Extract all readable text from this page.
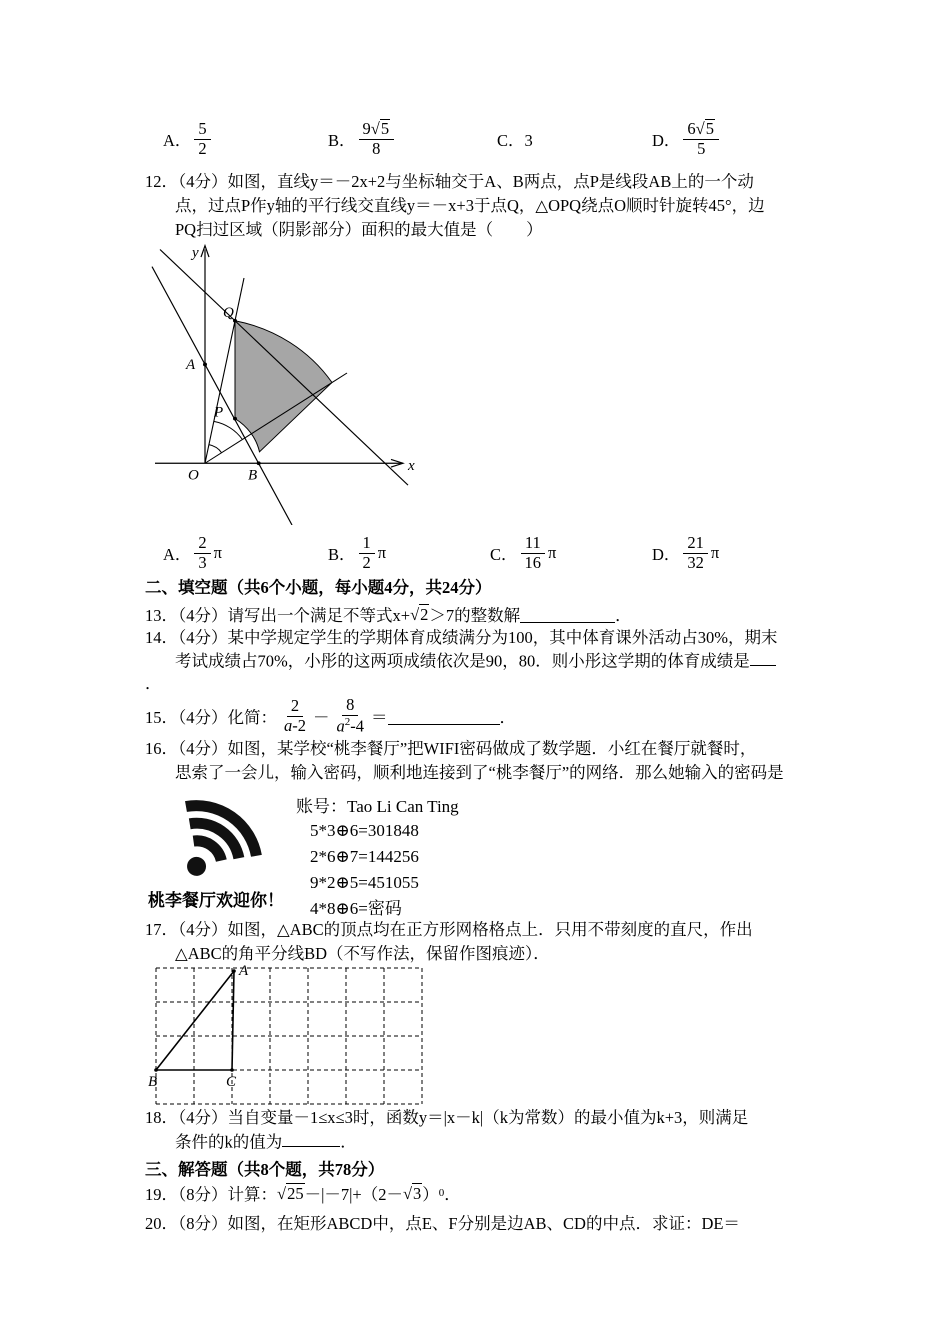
A． $\frac{5}{2}$	B． $\frac{9√5}{8}$	C．3	D． $\frac{6√5}{5}$
12．（4分）如图，直线y＝－2x+2与坐标轴交于A、B两点，点P是线段AB上的一个动
点，过点P作y轴的平行线交直线y＝－x+3于点Q，△OPQ绕点O顺时针旋转45°，边
PQ扫过区域（阴影部分）面积的最大值是（　　）
y
x
O
A
Q
P
B
A． $\frac{2}{3}$ π	B． $\frac{1}{2}$ π	C． $\frac{11}{16}$ π	D． $\frac{21}{32}$ π
二、填空题（共6个小题，每小题4分，共24分）
13．（4分）请写出一个满足不等式x+ √2 ＞7的整数解	．
14．（4分）某中学规定学生的学期体育成绩满分为100，其中体育课外活动占30%，期末
考试成绩占70%，小彤的这两项成绩依次是90，80．则小彤这学期的体育成绩是
．
15．（4分）化简： $\frac{2}{a-2} - \frac{8}{a^2-4}$ ＝	．
16．（4分）如图，某学校“桃李餐厅”把WIFI密码做成了数学题．小红在餐厅就餐时，
思索了一会儿，输入密码，顺利地连接到了“桃李餐厅”的网络．那么她输入的密码是
桃李餐厅欢迎你！
账号：Tao Li Can Ting
5*3⊕6=301848
2*6⊕7=144256
9*2⊕5=451055
4*8⊕6=密码
17．（4分）如图，△ABC的顶点均在正方形网格格点上．只用不带刻度的直尺，作出
△ABC的角平分线BD（不写作法，保留作图痕迹）．
A
B	C
18．（4分）当自变量－1≤x≤3时，函数y＝|x－k|（k为常数）的最小值为k+3，则满足
条件的k的值为	．
三、解答题（共8个题，共78分）
19．（8分）计算： √25 －|－7|+（2－ √3 ） 0 ．
20．（8分）如图，在矩形ABCD中，点E、F分别是边AB、CD的中点．求证：DE＝
